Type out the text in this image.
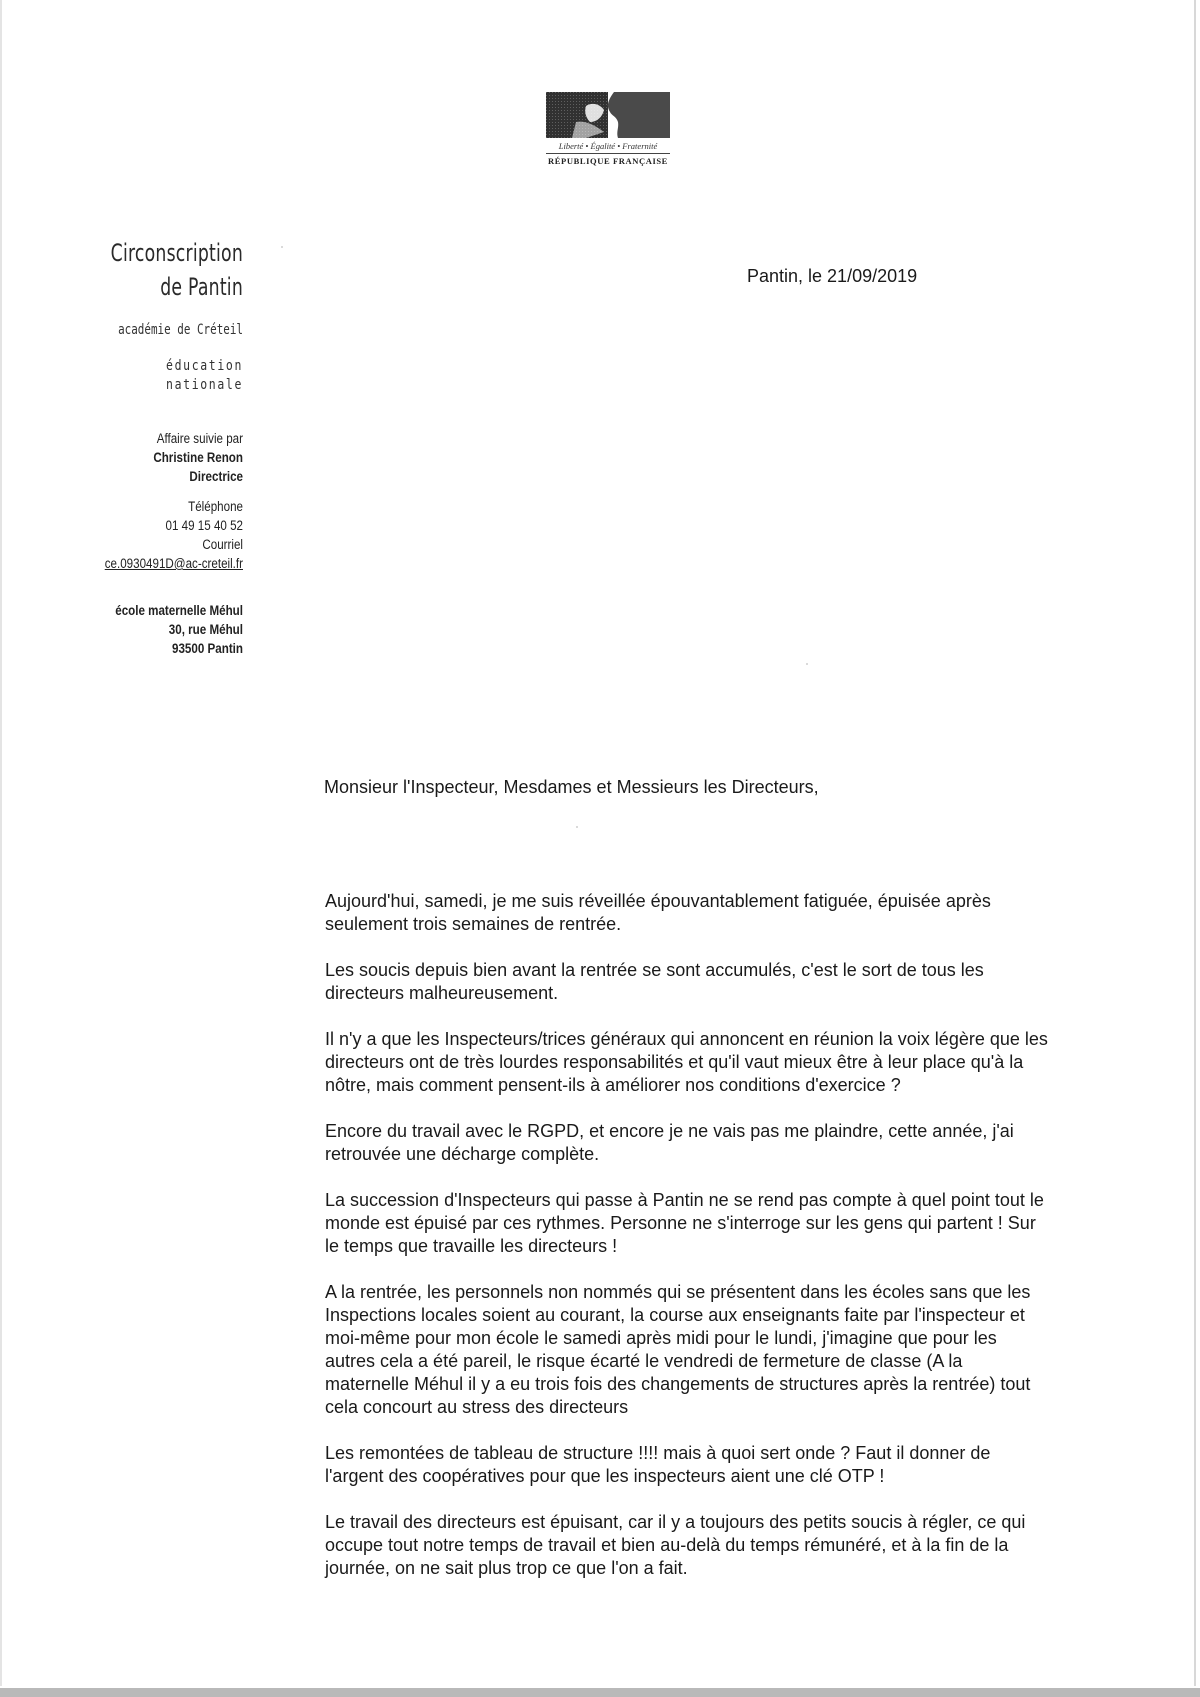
Liberté • Égalité • Fraternité
RÉPUBLIQUE FRANÇAISE
Circonscription
de Pantin
académie de Créteil
éducation
nationale
Affaire suivie par
Christine Renon
Directrice
Téléphone
01 49 15 40 52
Courriel
ce.0930491D@ac-creteil.fr
école maternelle Méhul
30, rue Méhul
93500 Pantin
Pantin, le 21/09/2019
Monsieur l'Inspecteur, Mesdames et Messieurs les Directeurs,

Aujourd'hui, samedi, je me suis réveillée épouvantablement fatiguée, épuisée après
seulement trois semaines de rentrée.

Les soucis depuis bien avant la rentrée se sont accumulés, c'est le sort de tous les
directeurs malheureusement.

Il n'y a que les Inspecteurs/trices généraux qui annoncent en réunion la voix légère que les
directeurs ont de très lourdes responsabilités et qu'il vaut mieux être à leur place qu'à la
nôtre, mais comment pensent-ils à améliorer nos conditions d'exercice ?

Encore du travail avec le RGPD, et encore je ne vais pas me plaindre, cette année, j'ai
retrouvée une décharge complète.

La succession d'Inspecteurs qui passe à Pantin ne se rend pas compte à quel point tout le
monde est épuisé par ces rythmes. Personne ne s'interroge sur les gens qui partent ! Sur
le temps que travaille les directeurs !

A la rentrée, les personnels non nommés qui se présentent dans les écoles sans que les
Inspections locales soient au courant, la course aux enseignants faite par l'inspecteur et
moi-même pour mon école le samedi après midi pour le lundi, j'imagine que pour les
autres cela a été pareil, le risque écarté le vendredi de fermeture de classe (A la
maternelle Méhul il y a eu trois fois des changements de structures après la rentrée) tout
cela concourt au stress des directeurs

Les remontées de tableau de structure !!!! mais à quoi sert onde ? Faut il donner de
l'argent des coopératives pour que les inspecteurs aient une clé OTP !

Le travail des directeurs est épuisant, car il y a toujours des petits soucis à régler, ce qui
occupe tout notre temps de travail et bien au-delà du temps rémunéré, et à la fin de la
journée, on ne sait plus trop ce que l'on a fait.
